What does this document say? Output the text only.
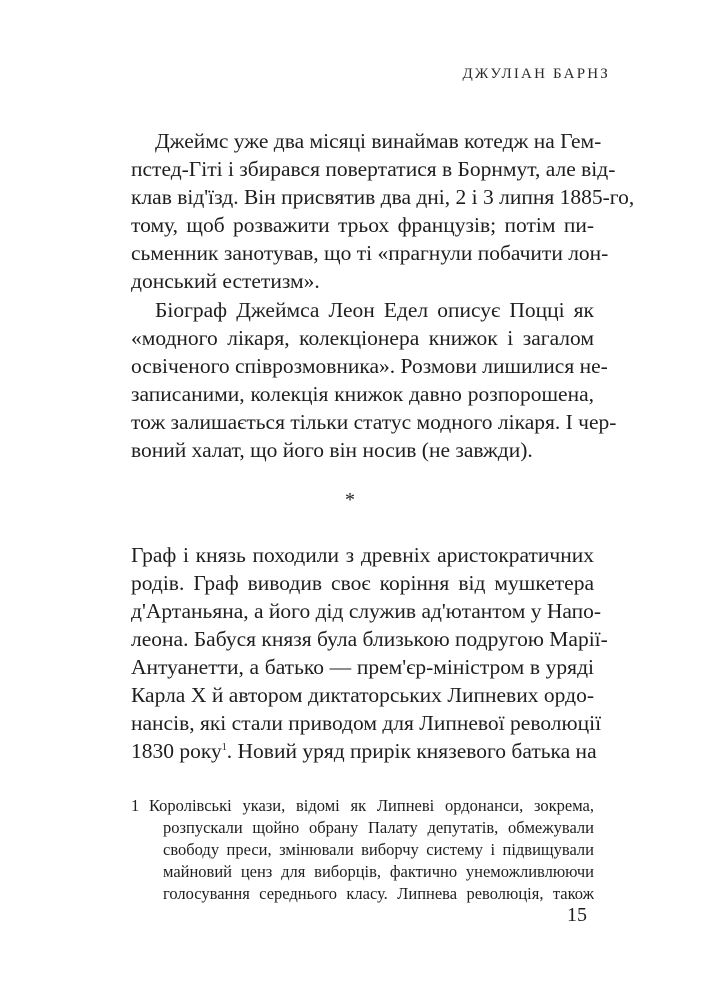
ДЖУЛІАН БАРНЗ
Джеймс уже два місяці винаймав котедж на Гем-
пстед-Гіті і збирався повертатися в Борнмут, але від-
клав від'їзд. Він присвятив два дні, 2 і 3 липня 1885-го,
тому, щоб розважити трьох французів; потім пи-
сьменник занотував, що ті «прагнули побачити лон-
донський естетизм».
Біограф Джеймса Леон Едел описує Поцці як
«модного лікаря, колекціонера книжок і загалом
освіченого співрозмовника». Розмови лишилися не-
записаними, колекція книжок давно розпорошена,
тож залишається тільки статус модного лікаря. І чер-
воний халат, що його він носив (не завжди).
*
Граф і князь походили з древніх аристократичних
родів. Граф виводив своє коріння від мушкетера
д'Артаньяна, а його дід служив ад'ютантом у Напо-
леона. Бабуся князя була близькою подругою Марії-
Антуанетти, а батько — прем'єр-міністром в уряді
Карла X й автором диктаторських Липневих ордо-
нансів, які стали приводом для Липневої революції
1830 року$^1$. Новий уряд прирік князевого батька на
1 Королівські укази, відомі як Липневі ордонанси, зокрема,
розпускали щойно обрану Палату депутатів, обмежували
свободу преси, змінювали виборчу систему і підвищували
майновий ценз для виборців, фактично унеможливлюючи
голосування середнього класу. Липнева революція, також
15
